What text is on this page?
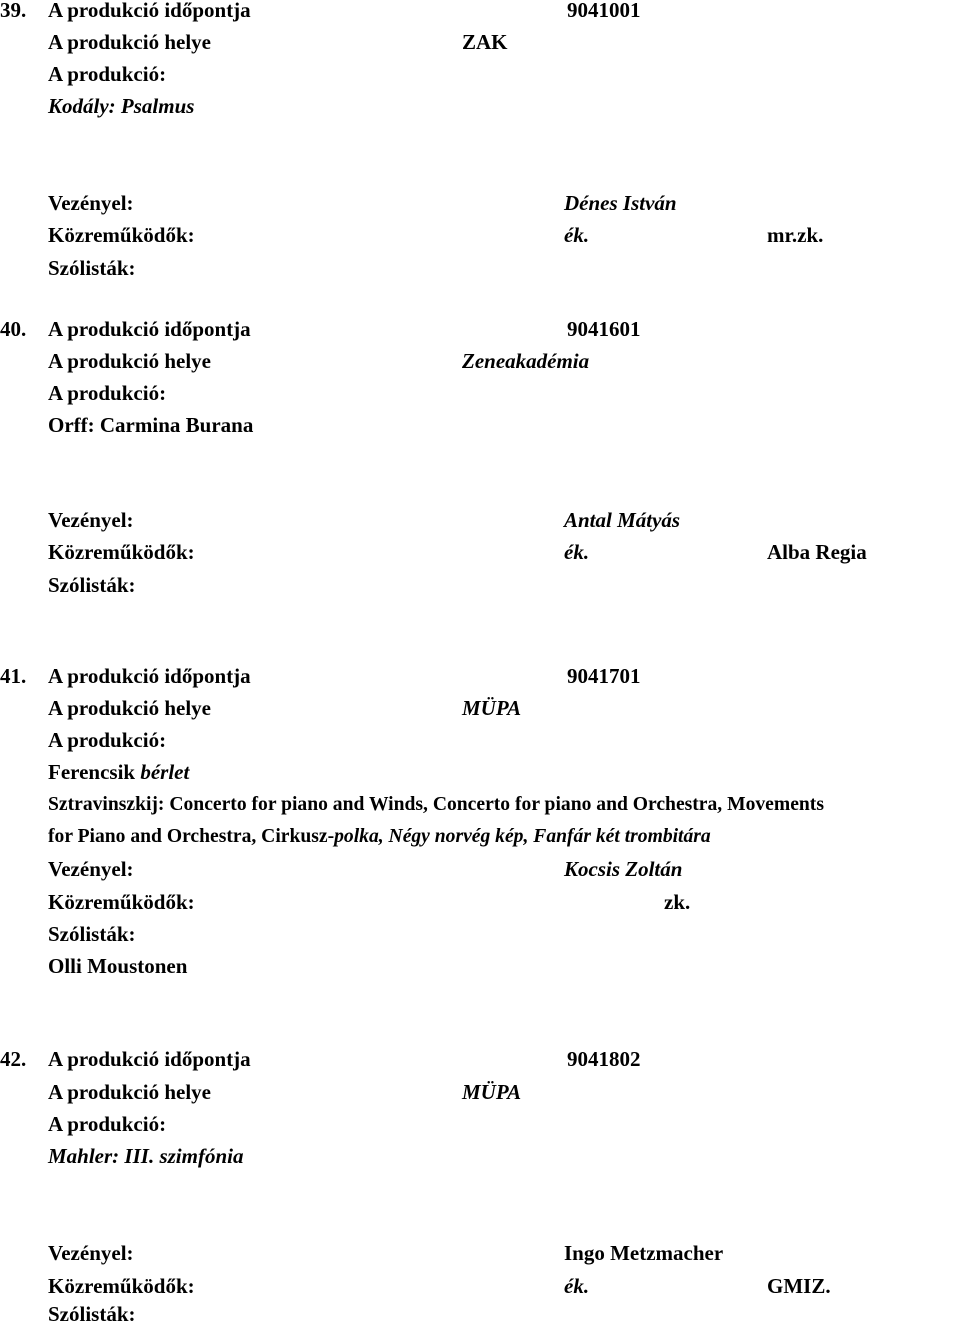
39. A produkció időpontja	9041001
A produkció helye	ZAK
A produkció:
Kodály: Psalmus
Vezényel:	Dénes István
Közreműködők:	ék.	mr.zk.
Szólisták:
40. A produkció időpontja	9041601
A produkció helye	Zeneakadémia
A produkció:
Orff: Carmina Burana
Vezényel:	Antal Mátyás
Közreműködők:	ék.	Alba Regia
Szólisták:
41. A produkció időpontja	9041701
A produkció helye	MÜPA
A produkció:
Ferencsik bérlet
Sztravinszkij: Concerto for piano and Winds, Concerto for piano and Orchestra, Movements
for Piano and Orchestra, Cirkusz-polka, Négy norvég kép, Fanfár két trombitára
Vezényel:	Kocsis Zoltán
Közreműködők:	zk.
Szólisták:
Olli Moustonen
42. A produkció időpontja	9041802
A produkció helye	MÜPA
A produkció:
Mahler: III. szimfónia
Vezényel:	Ingo Metzmacher
Közreműködők:	ék.	GMIZ.
Szólisták:
